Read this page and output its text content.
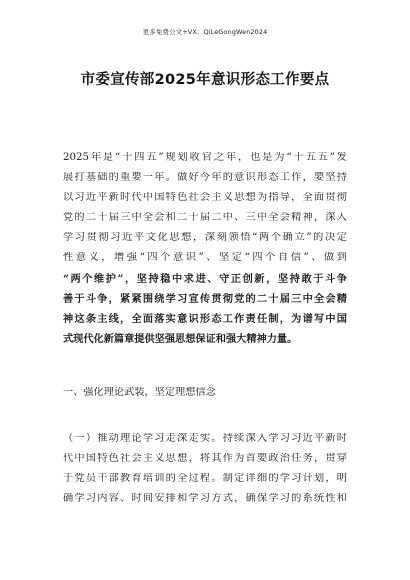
更多免费公文+VX：QiLeGongWen2024
市委宣传部2025年意识形态工作要点
2025年是“十四五”规划收官之年，也是为“十五五”发
展打基础的重要一年。做好今年的意识形态工作，要坚持
以习近平新时代中国特色社会主义思想为指导，全面贯彻
党的二十届三中全会和二十届二中、三中全会精神，深入
学习贯彻习近平文化思想，深刻领悟“两个确立”的决定
性意义，增强“四个意识”、坚定“四个自信”、做到
“两个维护”，坚持稳中求进、守正创新，坚持敢于斗争
善于斗争，紧紧围绕学习宣传贯彻党的二十届三中全会精
神这条主线，全面落实意识形态工作责任制，为谱写中国
式现代化新篇章提供坚强思想保证和强大精神力量。
一、强化理论武装，坚定理想信念
（一）推动理论学习走深走实。持续深入学习习近平新时
代中国特色社会主义思想，将其作为首要政治任务，贯穿
于党员干部教育培训的全过程。制定详细的学习计划，明
确学习内容、时间安排和学习方式，确保学习的系统性和
